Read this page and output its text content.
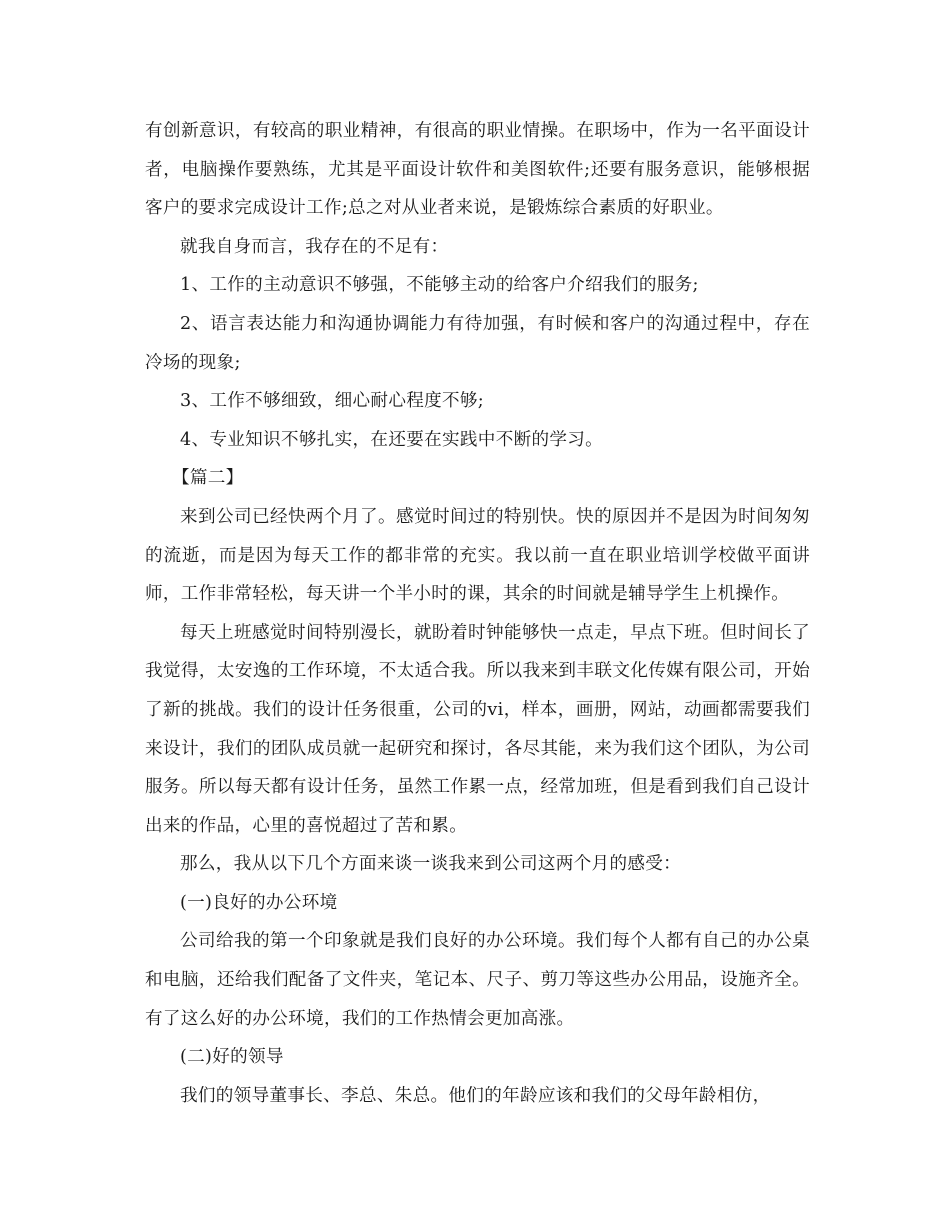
有创新意识，有较高的职业精神，有很高的职业情操。在职场中，作为一名平面设计者，电脑操作要熟练，尤其是平面设计软件和美图软件;还要有服务意识，能够根据客户的要求完成设计工作;总之对从业者来说，是锻炼综合素质的好职业。

就我自身而言，我存在的不足有：

1、工作的主动意识不够强，不能够主动的给客户介绍我们的服务;

2、语言表达能力和沟通协调能力有待加强，有时候和客户的沟通过程中，存在冷场的现象;

3、工作不够细致，细心耐心程度不够;

4、专业知识不够扎实，在还要在实践中不断的学习。

【篇二】

来到公司已经快两个月了。感觉时间过的特别快。快的原因并不是因为时间匆匆的流逝，而是因为每天工作的都非常的充实。我以前一直在职业培训学校做平面讲师，工作非常轻松，每天讲一个半小时的课，其余的时间就是辅导学生上机操作。

每天上班感觉时间特别漫长，就盼着时钟能够快一点走，早点下班。但时间长了我觉得，太安逸的工作环境，不太适合我。所以我来到丰联文化传媒有限公司，开始了新的挑战。我们的设计任务很重，公司的vi，样本，画册，网站，动画都需要我们来设计，我们的团队成员就一起研究和探讨，各尽其能，来为我们这个团队，为公司服务。所以每天都有设计任务，虽然工作累一点，经常加班，但是看到我们自己设计出来的作品，心里的喜悦超过了苦和累。

那么，我从以下几个方面来谈一谈我来到公司这两个月的感受：

(一)良好的办公环境

公司给我的第一个印象就是我们良好的办公环境。我们每个人都有自己的办公桌和电脑，还给我们配备了文件夹，笔记本、尺子、剪刀等这些办公用品，设施齐全。有了这么好的办公环境，我们的工作热情会更加高涨。

(二)好的领导

我们的领导董事长、李总、朱总。他们的年龄应该和我们的父母年龄相仿，
